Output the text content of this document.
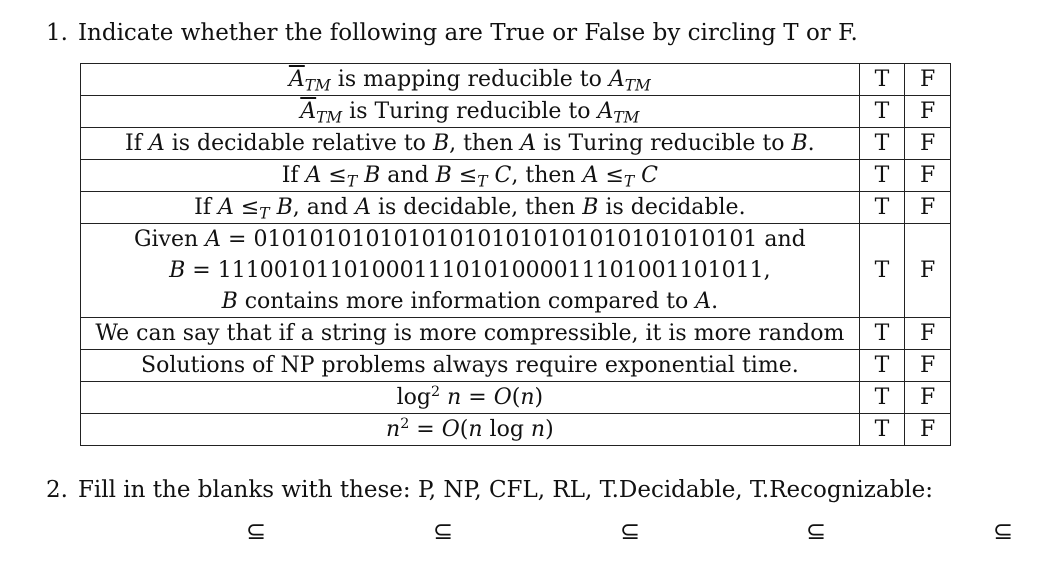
1. Indicate whether the following are True or False by circling T or F.
$\overline{A}_{TM}$ is mapping reducible to $A_{TM}$	T	F
$\overline{A}_{TM}$ is Turing reducible to $A_{TM}$	T	F
If A is decidable relative to B, then A is Turing reducible to B.	T	F
If $A \le_T$ B and $B \le_T$ C, then $A \le_T$ C	T	F
If $A \le_T$ B, and A is decidable, then B is decidable.	T	F

Given A = 010101010101010101010101010101010101 and
B = 111001011010001110101000011101001101011,
B contains more information compared to A.	T	F
We can say that if a string is more compressible, it is more random	T	F
Solutions of NP problems always require exponential time.	T	F
$\log^2 n = O(n)$	T	F
$n^2 = O(n$ log n)	T	F
2. Fill in the blanks with these: P, NP, CFL, RL, T.Decidable, T.Recognizable:
⊆	⊆	⊆	⊆	⊆
